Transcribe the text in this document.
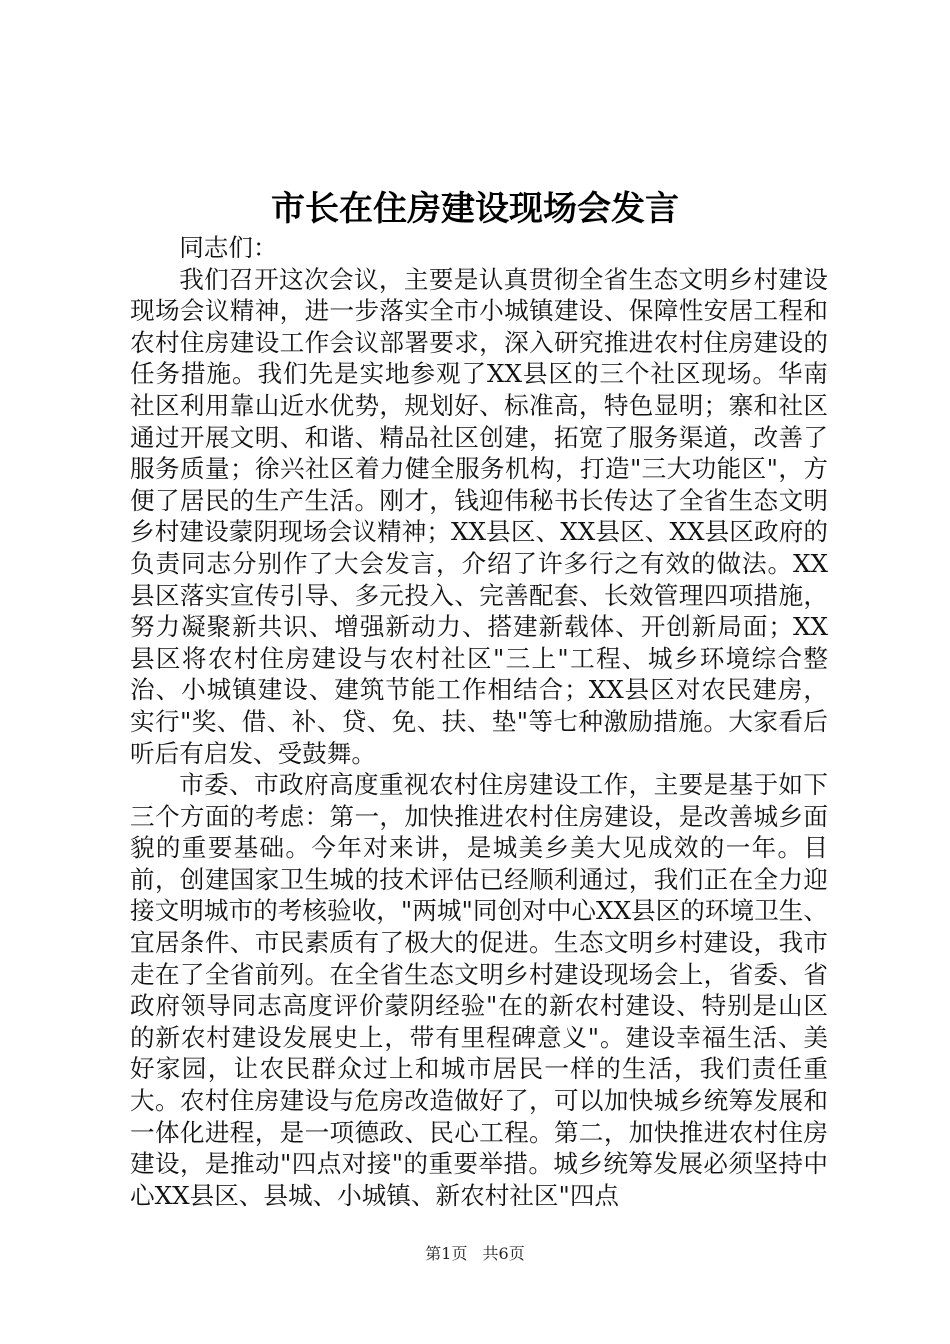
市长在住房建设现场会发言

同志们：

我们召开这次会议，主要是认真贯彻全省生态文明乡村建设现场会议精神，进一步落实全市小城镇建设、保障性安居工程和农村住房建设工作会议部署要求，深入研究推进农村住房建设的任务措施。我们先是实地参观了XX县区的三个社区现场。华南社区利用靠山近水优势，规划好、标准高，特色显明；寨和社区通过开展文明、和谐、精品社区创建，拓宽了服务渠道，改善了服务质量；徐兴社区着力健全服务机构，打造"三大功能区"，方便了居民的生产生活。刚才，钱迎伟秘书长传达了全省生态文明乡村建设蒙阴现场会议精神；XX县区、XX县区、XX县区政府的负责同志分别作了大会发言，介绍了许多行之有效的做法。XX县区落实宣传引导、多元投入、完善配套、长效管理四项措施，努力凝聚新共识、增强新动力、搭建新载体、开创新局面；XX县区将农村住房建设与农村社区"三上"工程、城乡环境综合整治、小城镇建设、建筑节能工作相结合；XX县区对农民建房，实行"奖、借、补、贷、免、扶、垫"等七种激励措施。大家看后听后有启发、受鼓舞。

市委、市政府高度重视农村住房建设工作，主要是基于如下三个方面的考虑：第一，加快推进农村住房建设，是改善城乡面貌的重要基础。今年对来讲，是城美乡美大见成效的一年。目前，创建国家卫生城的技术评估已经顺利通过，我们正在全力迎接文明城市的考核验收，"两城"同创对中心XX县区的环境卫生、宜居条件、市民素质有了极大的促进。生态文明乡村建设，我市走在了全省前列。在全省生态文明乡村建设现场会上，省委、省政府领导同志高度评价蒙阴经验"在的新农村建设、特别是山区的新农村建设发展史上，带有里程碑意义"。建设幸福生活、美好家园，让农民群众过上和城市居民一样的生活，我们责任重大。农村住房建设与危房改造做好了，可以加快城乡统筹发展和一体化进程，是一项德政、民心工程。第二，加快推进农村住房建设，是推动"四点对接"的重要举措。城乡统筹发展必须坚持中心XX县区、县城、小城镇、新农村社区"四点

第1页 共6页
